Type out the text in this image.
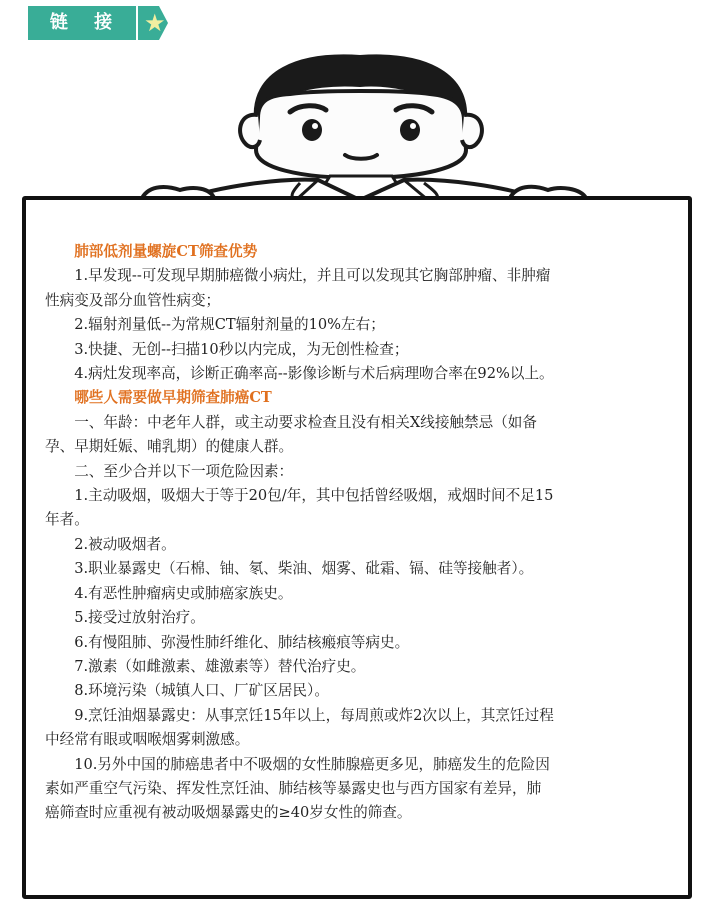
链 接 ★

肺部低剂量螺旋CT筛查优势

1.早发现--可发现早期肺癌微小病灶，并且可以发现其它胸部肿瘤、非肿瘤性病变及部分血管性病变；

2.辐射剂量低--为常规CT辐射剂量的10%左右；

3.快捷、无创--扫描10秒以内完成，为无创性检查；

4.病灶发现率高，诊断正确率高--影像诊断与术后病理吻合率在92%以上。

哪些人需要做早期筛查肺癌CT

一、年龄：中老年人群，或主动要求检查且没有相关X线接触禁忌（如备孕、早期妊娠、哺乳期）的健康人群。

二、至少合并以下一项危险因素：

1.主动吸烟，吸烟大于等于20包/年，其中包括曾经吸烟，戒烟时间不足15年者。

2.被动吸烟者。

3.职业暴露史（石棉、铀、氡、柴油、烟雾、砒霜、镉、硅等接触者）。

4.有恶性肿瘤病史或肺癌家族史。

5.接受过放射治疗。

6.有慢阻肺、弥漫性肺纤维化、肺结核瘢痕等病史。

7.激素（如雌激素、雄激素等）替代治疗史。

8.环境污染（城镇人口、厂矿区居民）。

9.烹饪油烟暴露史：从事烹饪15年以上，每周煎或炸2次以上，其烹饪过程中经常有眼或咽喉烟雾刺激感。

10.另外中国的肺癌患者中不吸烟的女性肺腺癌更多见，肺癌发生的危险因素如严重空气污染、挥发性烹饪油、肺结核等暴露史也与西方国家有差异，肺癌筛查时应重视有被动吸烟暴露史的≥40岁女性的筛查。
